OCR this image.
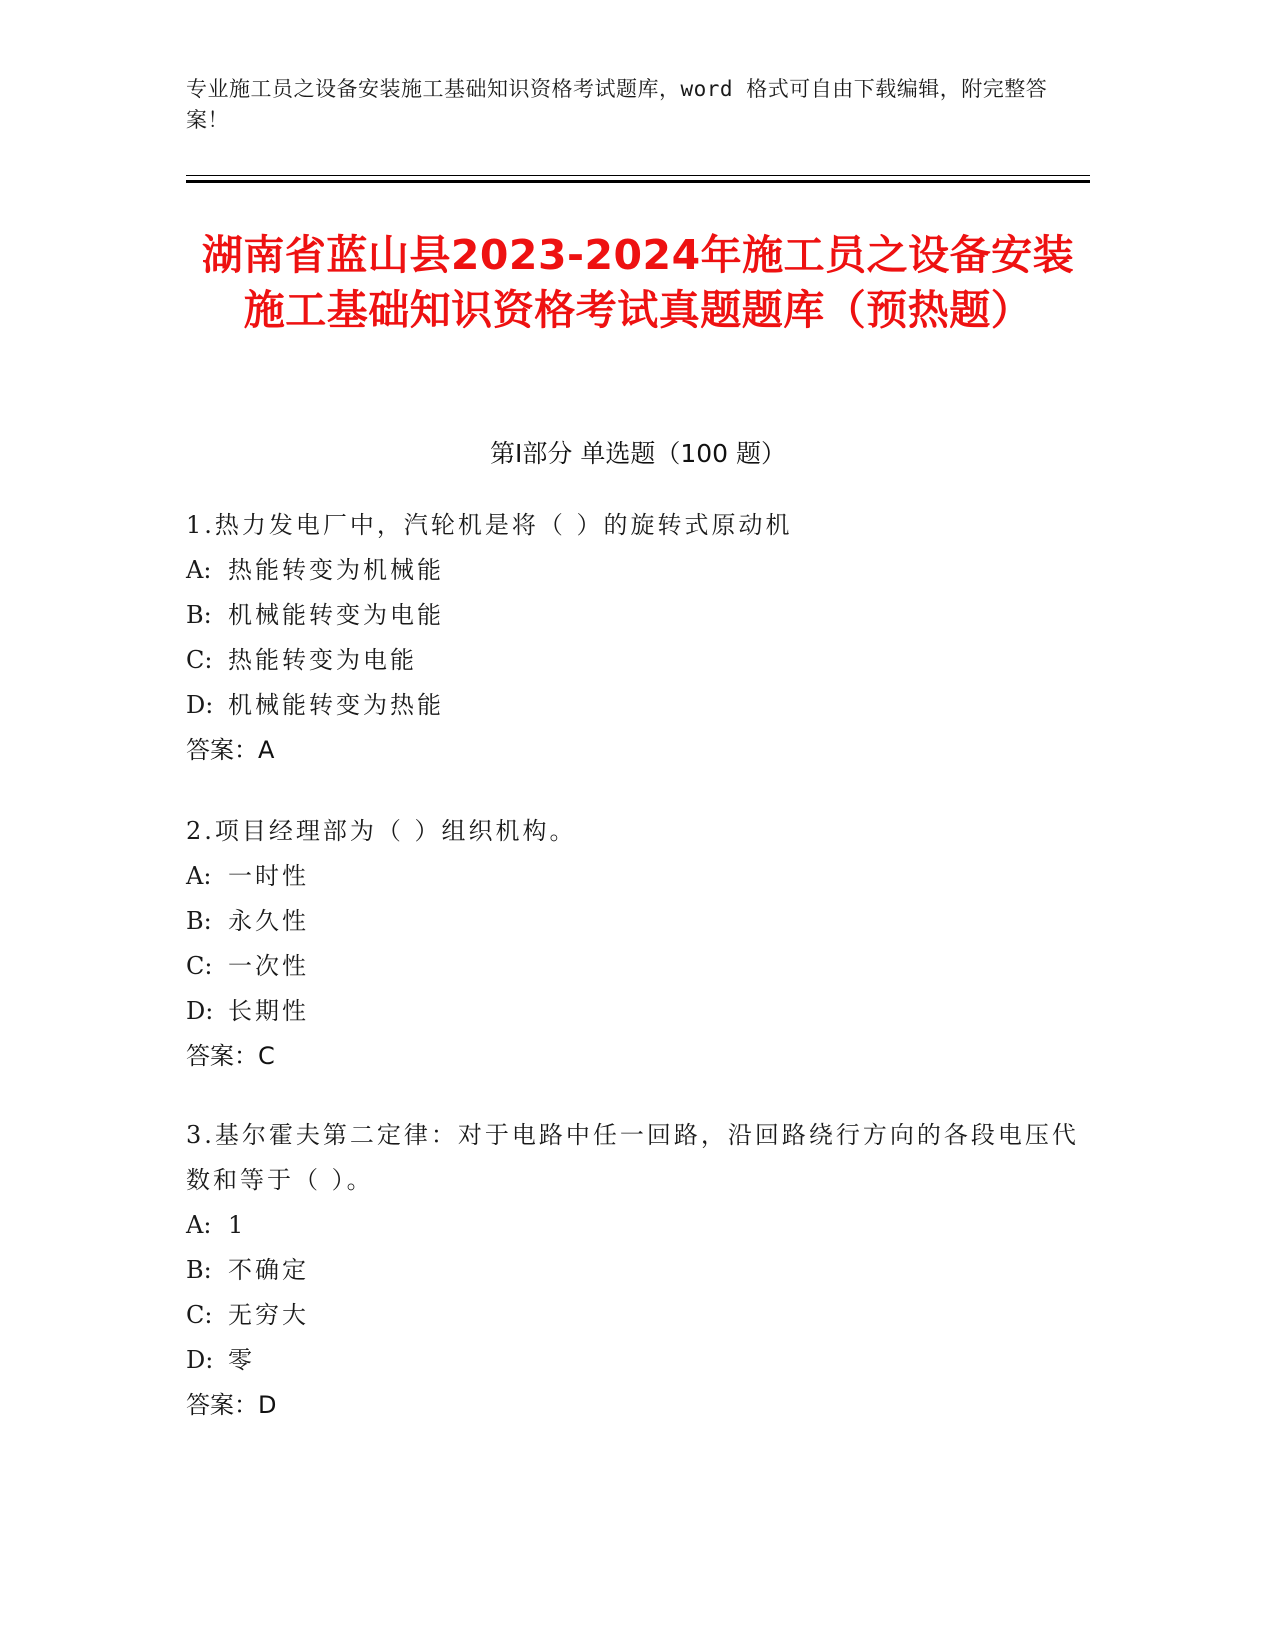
专业施工员之设备安装施工基础知识资格考试题库，word 格式可自由下载编辑，附完整答案！
湖南省蓝山县2023-2024年施工员之设备安装施工基础知识资格考试真题题库（预热题）
第Ⅰ部分 单选题（100 题）
1.热力发电厂中，汽轮机是将（ ）的旋转式原动机
A: 热能转变为机械能
B: 机械能转变为电能
C: 热能转变为电能
D: 机械能转变为热能
答案：A
2.项目经理部为（ ）组织机构。
A: 一时性
B: 永久性
C: 一次性
D: 长期性
答案：C
3.基尔霍夫第二定律：对于电路中任一回路，沿回路绕行方向的各段电压代数和等于（ ）。
A: 1
B: 不确定
C: 无穷大
D: 零
答案：D
